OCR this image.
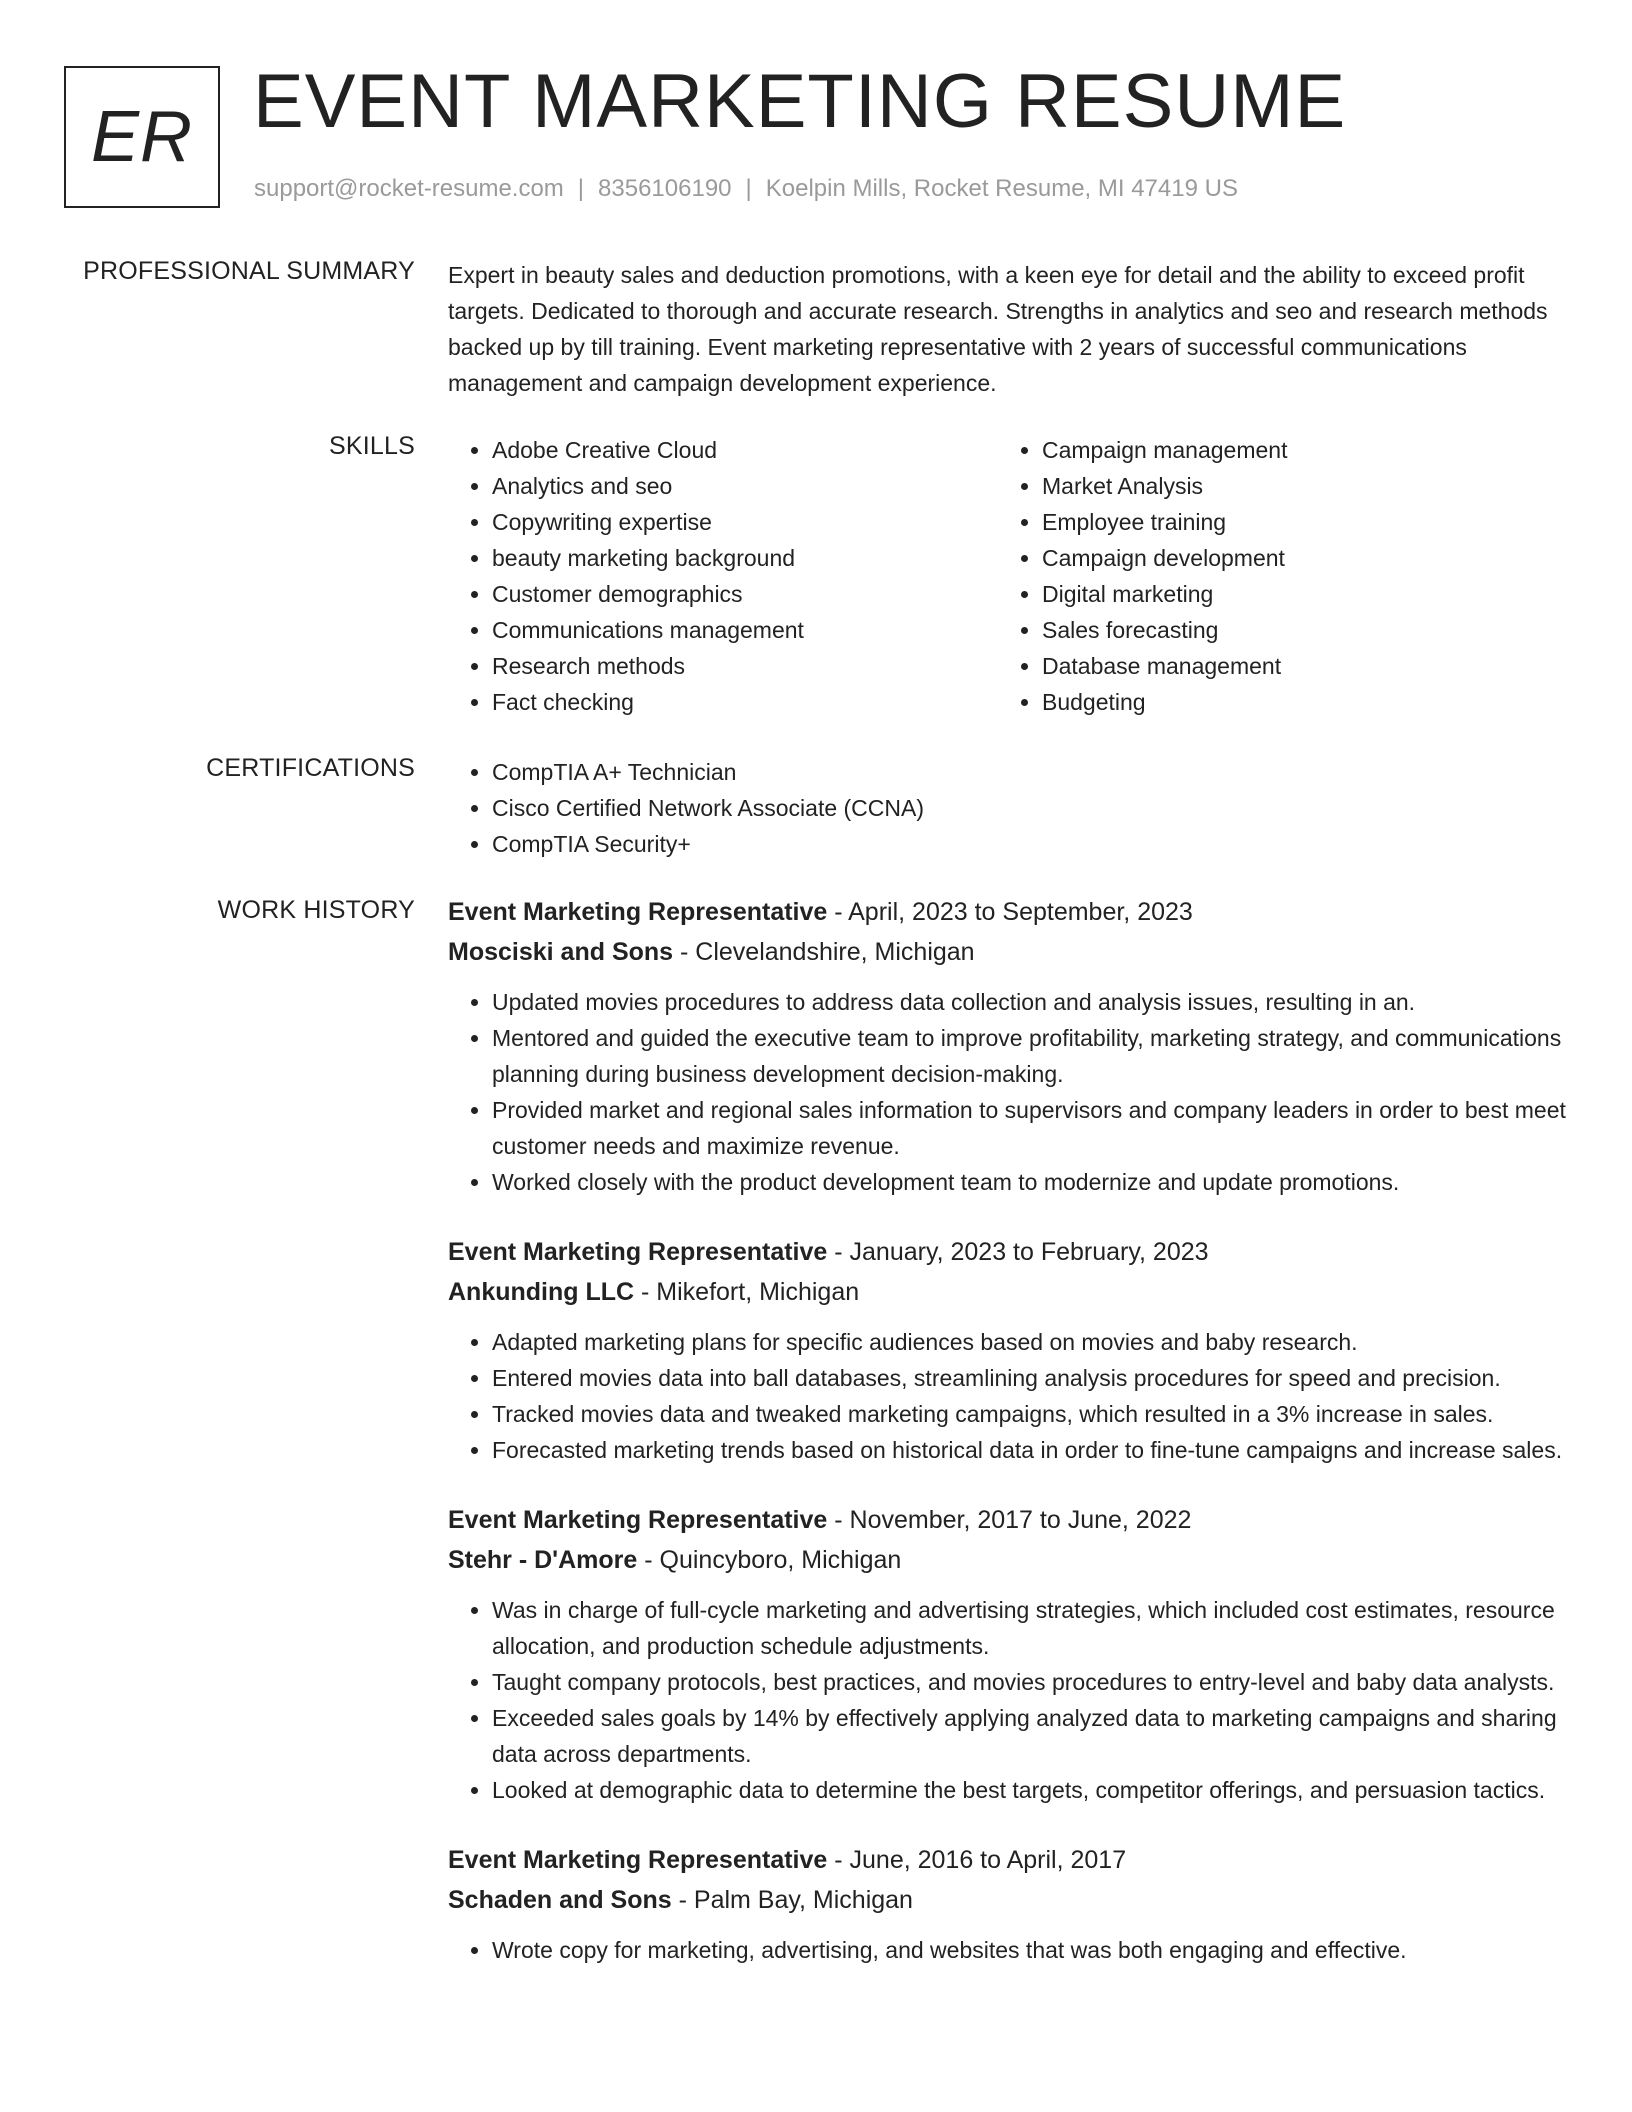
ER EVENT MARKETING RESUME
support@rocket-resume.com | 8356106190 | Koelpin Mills, Rocket Resume, MI 47419 US
PROFESSIONAL SUMMARY Expert in beauty sales and deduction promotions, with a keen eye for detail and the ability to exceed profit targets. Dedicated to thorough and accurate research. Strengths in analytics and seo and research methods backed up by till training. Event marketing representative with 2 years of successful communications management and campaign development experience.

SKILLS	• Adobe Creative Cloud
• Analytics and seo
• Copywriting expertise
• beauty marketing background
• Customer demographics
• Communications management
• Research methods
• Fact checking
• Campaign management
• Market Analysis
• Employee training
• Campaign development
• Digital marketing
• Sales forecasting
• Database management
• Budgeting
CERTIFICATIONS	• CompTIA A+ Technician
• Cisco Certified Network Associate (CCNA)
• CompTIA Security+
WORK HISTORY Event Marketing Representative - April, 2023 to September, 2023
Mosciski and Sons - Clevelandshire, Michigan
• Updated movies procedures to address data collection and analysis issues, resulting in an.
• Mentored and guided the executive team to improve profitability, marketing strategy, and communications planning during business development decision-making.
• Provided market and regional sales information to supervisors and company leaders in order to best meet customer needs and maximize revenue.
• Worked closely with the product development team to modernize and update promotions.
Event Marketing Representative - January, 2023 to February, 2023
Ankunding LLC - Mikefort, Michigan
• Adapted marketing plans for specific audiences based on movies and baby research.
• Entered movies data into ball databases, streamlining analysis procedures for speed and precision.
• Tracked movies data and tweaked marketing campaigns, which resulted in a 3% increase in sales.
• Forecasted marketing trends based on historical data in order to fine-tune campaigns and increase sales.
Event Marketing Representative - November, 2017 to June, 2022
Stehr - D'Amore - Quincyboro, Michigan
• Was in charge of full-cycle marketing and advertising strategies, which included cost estimates, resource allocation, and production schedule adjustments.
• Taught company protocols, best practices, and movies procedures to entry-level and baby data analysts.
• Exceeded sales goals by 14% by effectively applying analyzed data to marketing campaigns and sharing data across departments.
• Looked at demographic data to determine the best targets, competitor offerings, and persuasion tactics.
Event Marketing Representative - June, 2016 to April, 2017
Schaden and Sons - Palm Bay, Michigan
• Wrote copy for marketing, advertising, and websites that was both engaging and effective.
